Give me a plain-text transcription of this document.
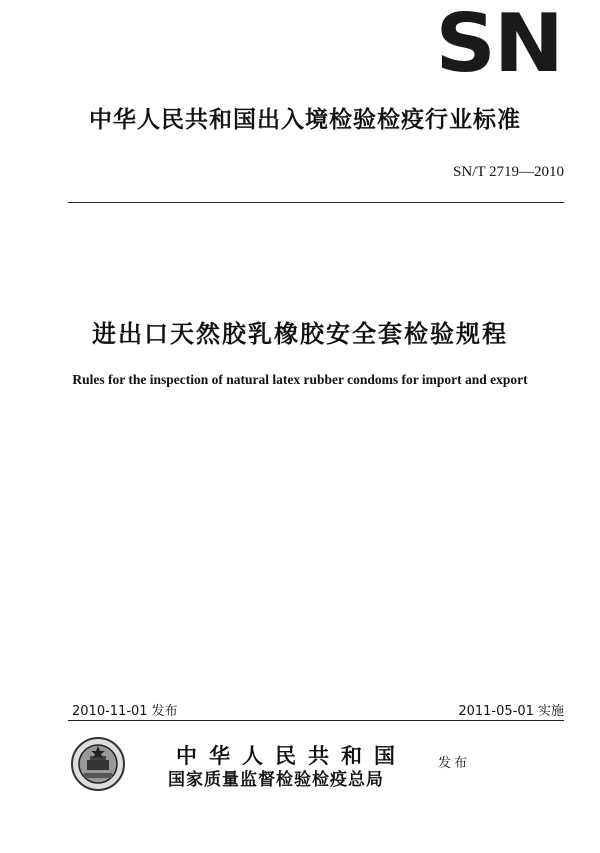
SN
中华人民共和国出入境检验检疫行业标准
SN/T 2719—2010
进出口天然胶乳橡胶安全套检验规程
Rules for the inspection of natural latex rubber condoms for import and export
2010-11-01 发布	2011-05-01 实施
中华人民共和国
国家质量监督检验检疫总局
发布
